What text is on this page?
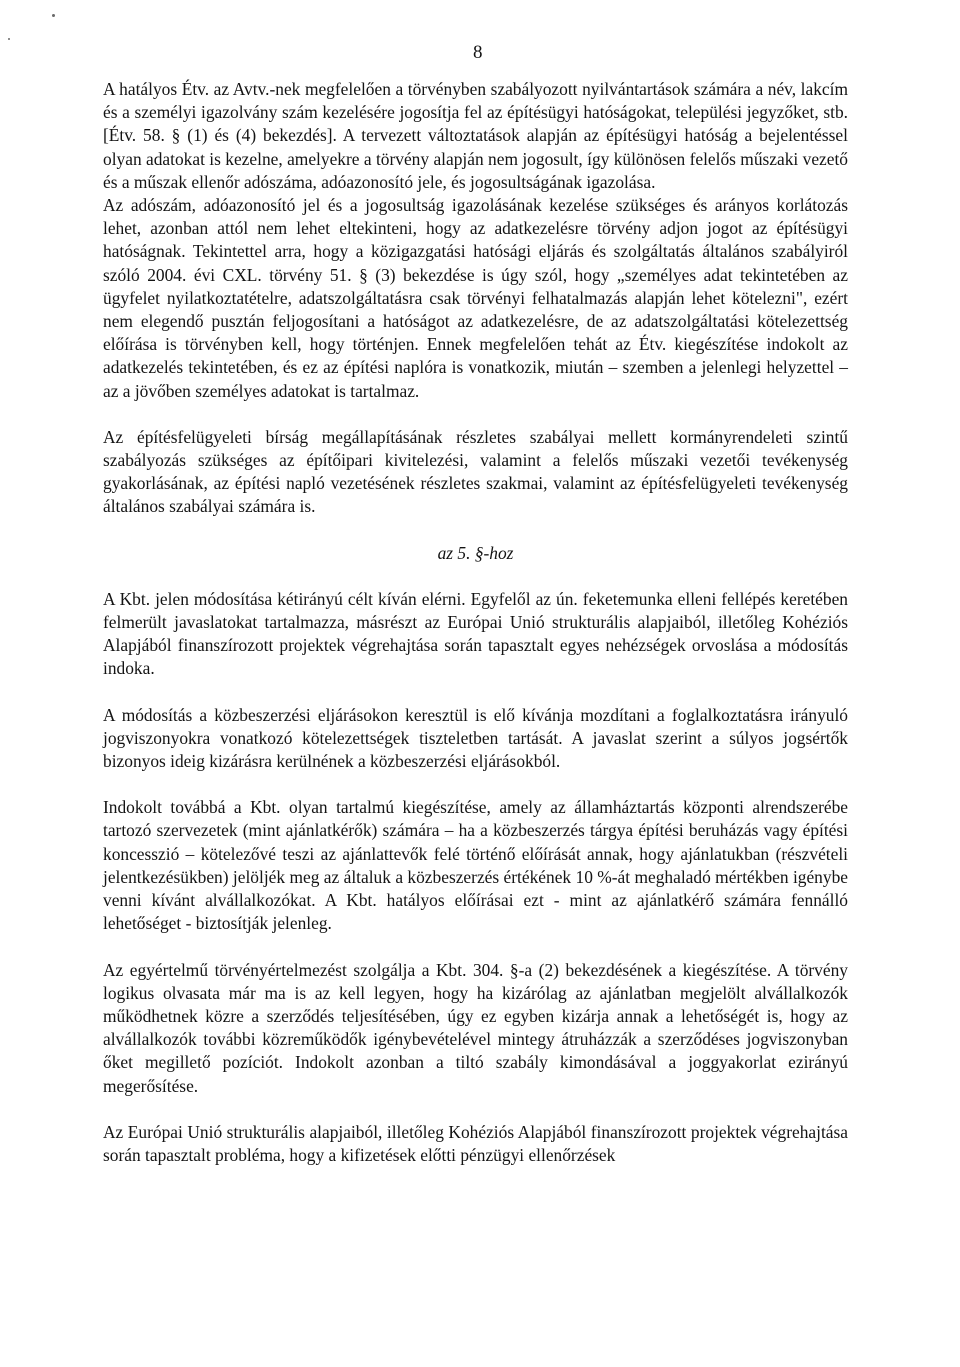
8

A hatályos Étv. az Avtv.-nek megfelelően a törvényben szabályozott nyilvántartások számára a név, lakcím és a személyi igazolvány szám kezelésére jogosítja fel az építésügyi hatóságokat, települési jegyzőket, stb. [Étv. 58. § (1) és (4) bekezdés]. A tervezett változtatások alapján az építésügyi hatóság a bejelentéssel olyan adatokat is kezelne, amelyekre a törvény alapján nem jogosult, így különösen felelős műszaki vezető és a műszak ellenőr adószáma, adóazonosító jele, és jogosultságának igazolása.

Az adószám, adóazonosító jel és a jogosultság igazolásának kezelése szükséges és arányos korlátozás lehet, azonban attól nem lehet eltekinteni, hogy az adatkezelésre törvény adjon jogot az építésügyi hatóságnak. Tekintettel arra, hogy a közigazgatási hatósági eljárás és szolgáltatás általános szabályiról szóló 2004. évi CXL. törvény 51. § (3) bekezdése is úgy szól, hogy „személyes adat tekintetében az ügyfelet nyilatkoztatételre, adatszolgáltatásra csak törvényi felhatalmazás alapján lehet kötelezni", ezért nem elegendő pusztán feljogosítani a hatóságot az adatkezelésre, de az adatszolgáltatási kötelezettség előírása is törvényben kell, hogy történjen. Ennek megfelelően tehát az Étv. kiegészítése indokolt az adatkezelés tekintetében, és ez az építési naplóra is vonatkozik, miután – szemben a jelenlegi helyzettel – az a jövőben személyes adatokat is tartalmaz.

Az építésfelügyeleti bírság megállapításának részletes szabályai mellett kormányrendeleti szintű szabályozás szükséges az építőipari kivitelezési, valamint a felelős műszaki vezetői tevékenység gyakorlásának, az építési napló vezetésének részletes szakmai, valamint az építésfelügyeleti tevékenység általános szabályai számára is.

az 5. §-hoz

A Kbt. jelen módosítása kétirányú célt kíván elérni. Egyfelől az ún. feketemunka elleni fellépés keretében felmerült javaslatokat tartalmazza, másrészt az Európai Unió strukturális alapjaiból, illetőleg Kohéziós Alapjából finanszírozott projektek végrehajtása során tapasztalt egyes nehézségek orvoslása a módosítás indoka.

A módosítás a közbeszerzési eljárásokon keresztül is elő kívánja mozdítani a foglalkoztatásra irányuló jogviszonyokra vonatkozó kötelezettségek tiszteletben tartását. A javaslat szerint a súlyos jogsértők bizonyos ideig kizárásra kerülnének a közbeszerzési eljárásokból.

Indokolt továbbá a Kbt. olyan tartalmú kiegészítése, amely az államháztartás központi alrendszerébe tartozó szervezetek (mint ajánlatkérők) számára – ha a közbeszerzés tárgya építési beruházás vagy építési koncesszió – kötelezővé teszi az ajánlattevők felé történő előírását annak, hogy ajánlatukban (részvételi jelentkezésükben) jelöljék meg az általuk a közbeszerzés értékének 10 %-át meghaladó mértékben igénybe venni kívánt alvállalkozókat. A Kbt. hatályos előírásai ezt - mint az ajánlatkérő számára fennálló lehetőséget - biztosítják jelenleg.

Az egyértelmű törvényértelmezést szolgálja a Kbt. 304. §-a (2) bekezdésének a kiegészítése. A törvény logikus olvasata már ma is az kell legyen, hogy ha kizárólag az ajánlatban megjelölt alvállalkozók működhetnek közre a szerződés teljesítésében, úgy ez egyben kizárja annak a lehetőségét is, hogy az alvállalkozók további közreműködők igénybevételével mintegy átruházzák a szerződéses jogviszonyban őket megillető pozíciót. Indokolt azonban a tiltó szabály kimondásával a joggyakorlat ezirányú megerősítése.

Az Európai Unió strukturális alapjaiból, illetőleg Kohéziós Alapjából finanszírozott projektek végrehajtása során tapasztalt probléma, hogy a kifizetések előtti pénzügyi ellenőrzések
